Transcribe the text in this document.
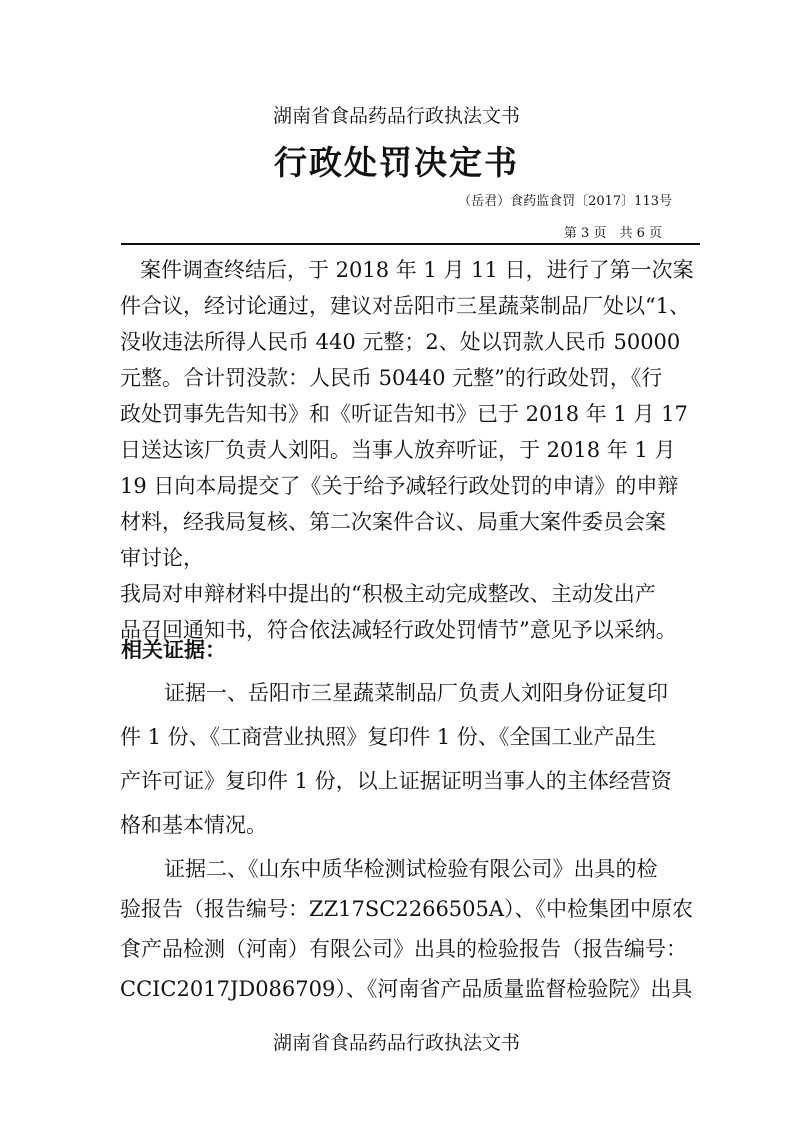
湖南省食品药品行政执法文书
行政处罚决定书
（岳君）食药监食罚〔2017〕113号
第 3 页　共 6 页
案件调查终结后，于 2018 年 1 月 11 日，进行了第一次案
件合议，经讨论通过，建议对岳阳市三星蔬菜制品厂处以“1、
没收违法所得人民币 440 元整；2、处以罚款人民币 50000
元整。合计罚没款：人民币 50440 元整”的行政处罚，《行
政处罚事先告知书》和《听证告知书》已于 2018 年 1 月 17
日送达该厂负责人刘阳。当事人放弃听证，于 2018 年 1 月
19 日向本局提交了《关于给予减轻行政处罚的申请》的申辩
材料，经我局复核、第二次案件合议、局重大案件委员会案
审讨论，
我局对申辩材料中提出的“积极主动完成整改、主动发出产
品召回通知书，符合依法减轻行政处罚情节”意见予以采纳。
相关证据：
证据一、岳阳市三星蔬菜制品厂负责人刘阳身份证复印
件 1 份、《工商营业执照》复印件 1 份、《全国工业产品生
产许可证》复印件 1 份，以上证据证明当事人的主体经营资
格和基本情况。
证据二、《山东中质华检测试检验有限公司》出具的检
验报告（报告编号：ZZ17SC2266505A）、《中检集团中原农
食产品检测（河南）有限公司》出具的检验报告（报告编号：
CCIC2017JD086709）、《河南省产品质量监督检验院》出具
湖南省食品药品行政执法文书
